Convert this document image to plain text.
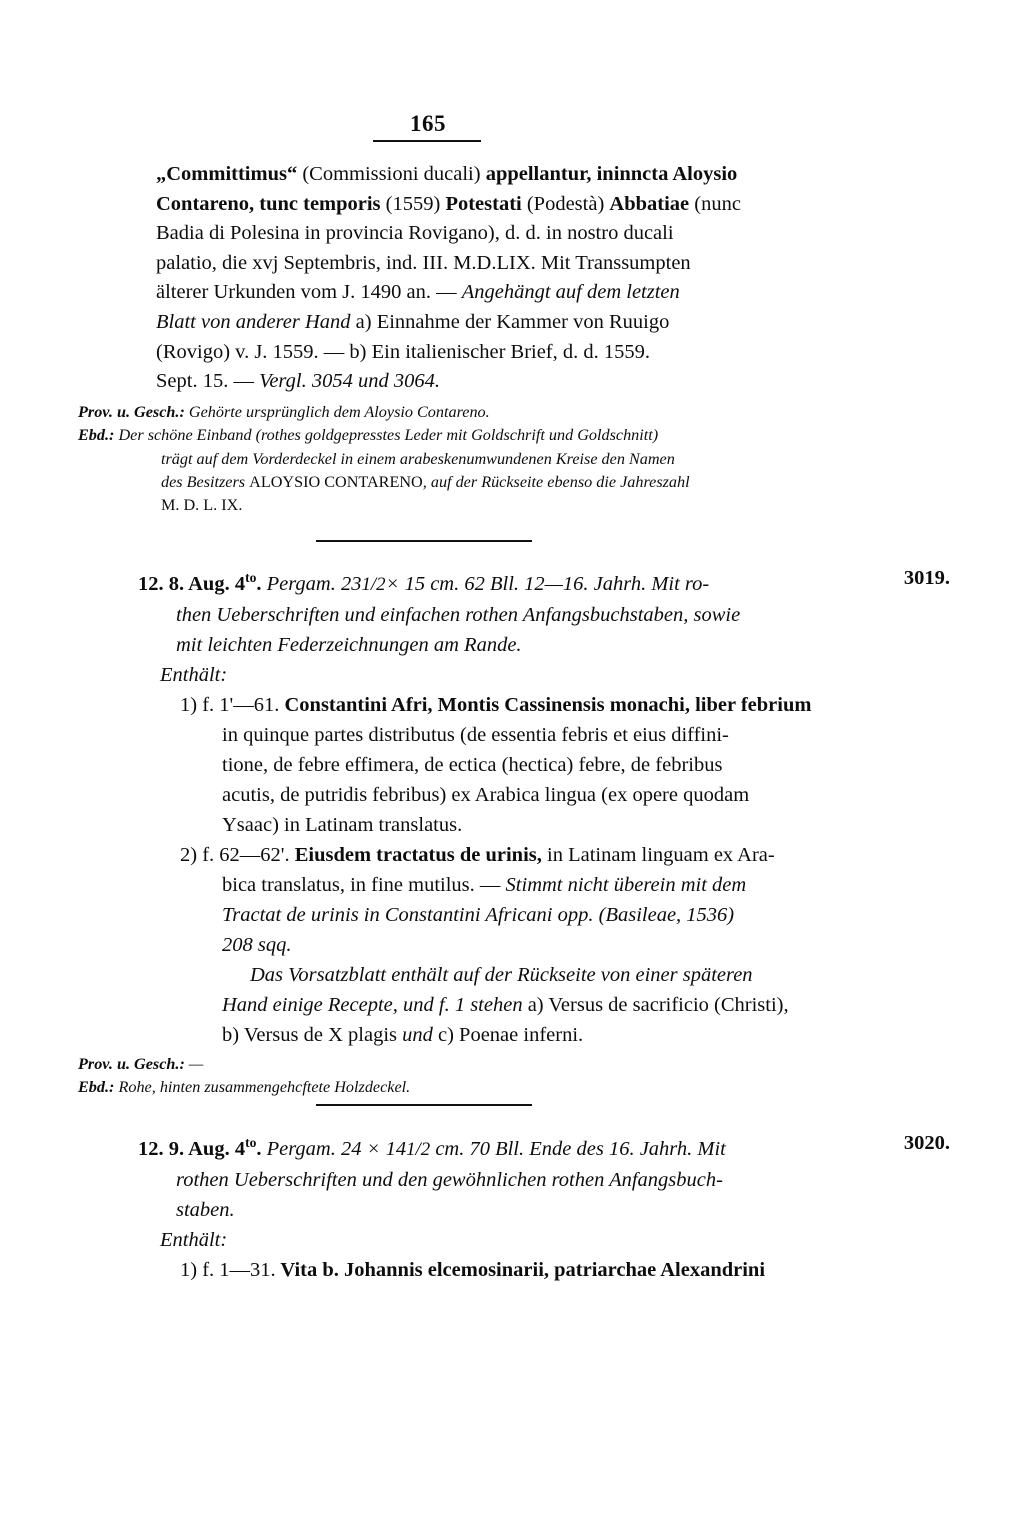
165
„Committimus“ (Commissioni ducali) appellantur, ininncta Aloysio
Contareno, tunc temporis (1559) Potestati (Podestà) Abbatiae (nunc
Badia di Polesina in provincia Rovigano), d. d. in nostro ducali
palatio, die xvj Septembris, ind. III. M.D.LIX. Mit Transsumpten
älterer Urkunden vom J. 1490 an. — Angehängt auf dem letzten
Blatt von anderer Hand a) Einnahme der Kammer von Ruuigo
(Rovigo) v. J. 1559. — b) Ein italienischer Brief, d. d. 1559.
Sept. 15. — Vergl. 3054 und 3064.
Prov. u. Gesch.: Gehörte ursprünglich dem Aloysio Contareno.
Ebd.: Der schöne Einband (rothes goldgepresstes Leder mit Goldschrift und Goldschnitt)
trägt auf dem Vorderdeckel in einem arabeskenumwundenen Kreise den Namen
des Besitzers ALOYSIO CONTARENO, auf der Rückseite ebenso die Jahreszahl
M. D. L. IX.
3019.
12. 8. Aug. $4^{to}$. Pergam. 231/2× 15 cm. 62 Bll. 12—16. Jahrh. Mit ro-
then Ueberschriften und einfachen rothen Anfangsbuchstaben, sowie
mit leichten Federzeichnungen am Rande.
Enthält:
1) f. 1'—61. Constantini Afri, Montis Cassinensis monachi, liber febrium
in quinque partes distributus (de essentia febris et eius diffini-
tione, de febre effimera, de ectica (hectica) febre, de febribus
acutis, de putridis febribus) ex Arabica lingua (ex opere quodam
Ysaac) in Latinam translatus.
2) f. 62—62'. Eiusdem tractatus de urinis, in Latinam linguam ex Ara-
bica translatus, in fine mutilus. — Stimmt nicht überein mit dem
Tractat de urinis in Constantini Africani opp. (Basileae, 1536)
208 sqq.
Das Vorsatzblatt enthält auf der Rückseite von einer späteren
Hand einige Recepte, und f. 1 stehen a) Versus de sacrificio (Christi),
b) Versus de X plagis und c) Poenae inferni.
Prov. u. Gesch.: —
Ebd.: Rohe, hinten zusammengehcftete Holzdeckel.
3020.
12. 9. Aug. $4^{to}$. Pergam. 24 × 141/2 cm. 70 Bll. Ende des 16. Jahrh. Mit
rothen Ueberschriften und den gewöhnlichen rothen Anfangsbuch-
staben.
Enthält:
1) f. 1—31. Vita b. Johannis elcemosinarii, patriarchae Alexandrini
